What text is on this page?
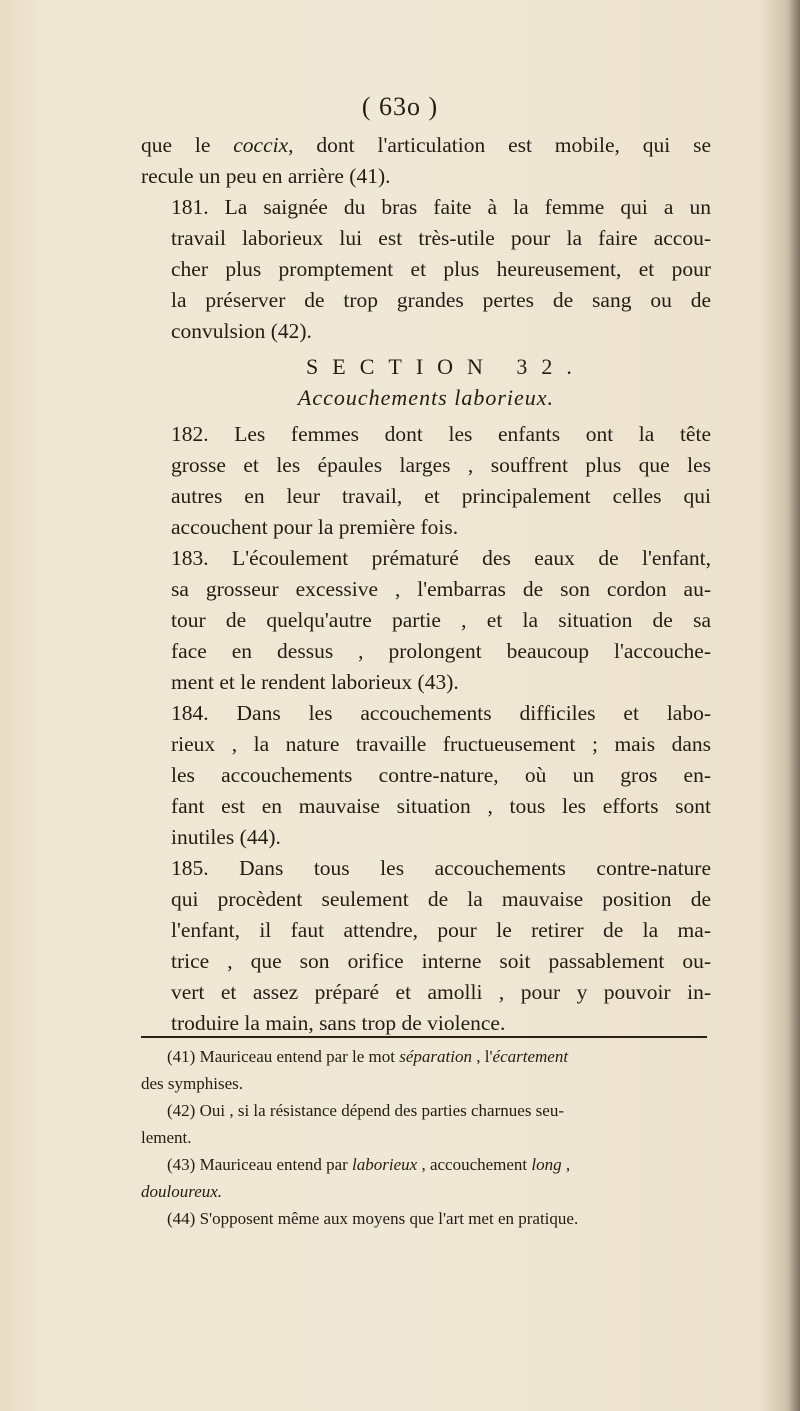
( 63o )

que le coccix, dont l'articulation est mobile, qui se
recule un peu en arrière (41).

181. La saignée du bras faite à la femme qui a un
travail laborieux lui est très-utile pour la faire accou-
cher plus promptement et plus heureusement, et pour
la préserver de trop grandes pertes de sang ou de
convulsion (42).

SECTION 32.
Accouchements laborieux.

182. Les femmes dont les enfants ont la tête
grosse et les épaules larges , souffrent plus que les
autres en leur travail, et principalement celles qui
accouchent pour la première fois.

183. L'écoulement prématuré des eaux de l'enfant,
sa grosseur excessive , l'embarras de son cordon au-
tour de quelqu'autre partie , et la situation de sa
face en dessus , prolongent beaucoup l'accouche-
ment et le rendent laborieux (43).

184. Dans les accouchements difficiles et labo-
rieux , la nature travaille fructueusement ; mais dans
les accouchements contre-nature, où un gros en-
fant est en mauvaise situation , tous les efforts sont
inutiles (44).

185. Dans tous les accouchements contre-nature
qui procèdent seulement de la mauvaise position de
l'enfant, il faut attendre, pour le retirer de la ma-
trice , que son orifice interne soit passablement ou-
vert et assez préparé et amolli , pour y pouvoir in-
troduire la main, sans trop de violence.

(41) Mauriceau entend par le mot séparation , l'écartement

des symphises.

(42) Oui , si la résistance dépend des parties charnues seu-

lement.

(43) Mauriceau entend par laborieux , accouchement long ,

douloureux.

(44) S'opposent même aux moyens que l'art met en pratique.
